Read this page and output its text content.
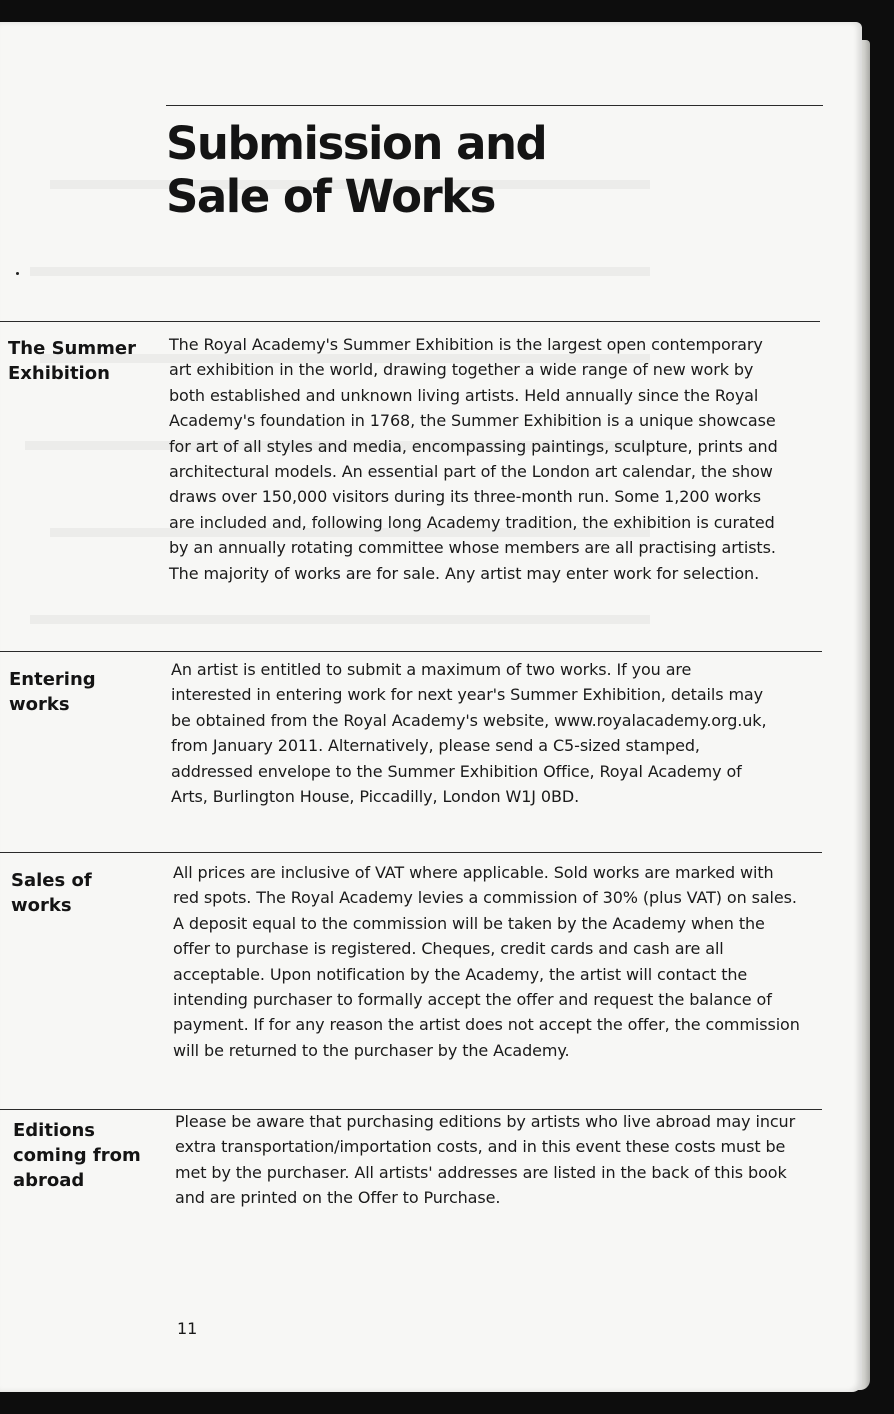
Submission and
Sale of Works

The Summer
Exhibition

The Royal Academy's Summer Exhibition is the largest open contemporary art exhibition in the world, drawing together a wide range of new work by both established and unknown living artists. Held annually since the Royal Academy's foundation in 1768, the Summer Exhibition is a unique showcase for art of all styles and media, encompassing paintings, sculpture, prints and architectural models. An essential part of the London art calendar, the show draws over 150,000 visitors during its three-month run. Some 1,200 works are included and, following long Academy tradition, the exhibition is curated by an annually rotating committee whose members are all practising artists. The majority of works are for sale. Any artist may enter work for selection.

Entering
works

An artist is entitled to submit a maximum of two works. If you are interested in entering work for next year's Summer Exhibition, details may be obtained from the Royal Academy's website, www.royalacademy.org.uk, from January 2011. Alternatively, please send a C5-sized stamped, addressed envelope to the Summer Exhibition Office, Royal Academy of Arts, Burlington House, Piccadilly, London W1J 0BD.

Sales of
works

All prices are inclusive of VAT where applicable. Sold works are marked with red spots. The Royal Academy levies a commission of 30% (plus VAT) on sales. A deposit equal to the commission will be taken by the Academy when the offer to purchase is registered. Cheques, credit cards and cash are all acceptable. Upon notification by the Academy, the artist will contact the intending purchaser to formally accept the offer and request the balance of payment. If for any reason the artist does not accept the offer, the commission will be returned to the purchaser by the Academy.

Editions
coming from
abroad

Please be aware that purchasing editions by artists who live abroad may incur extra transportation/importation costs, and in this event these costs must be met by the purchaser. All artists' addresses are listed in the back of this book and are printed on the Offer to Purchase.

11
